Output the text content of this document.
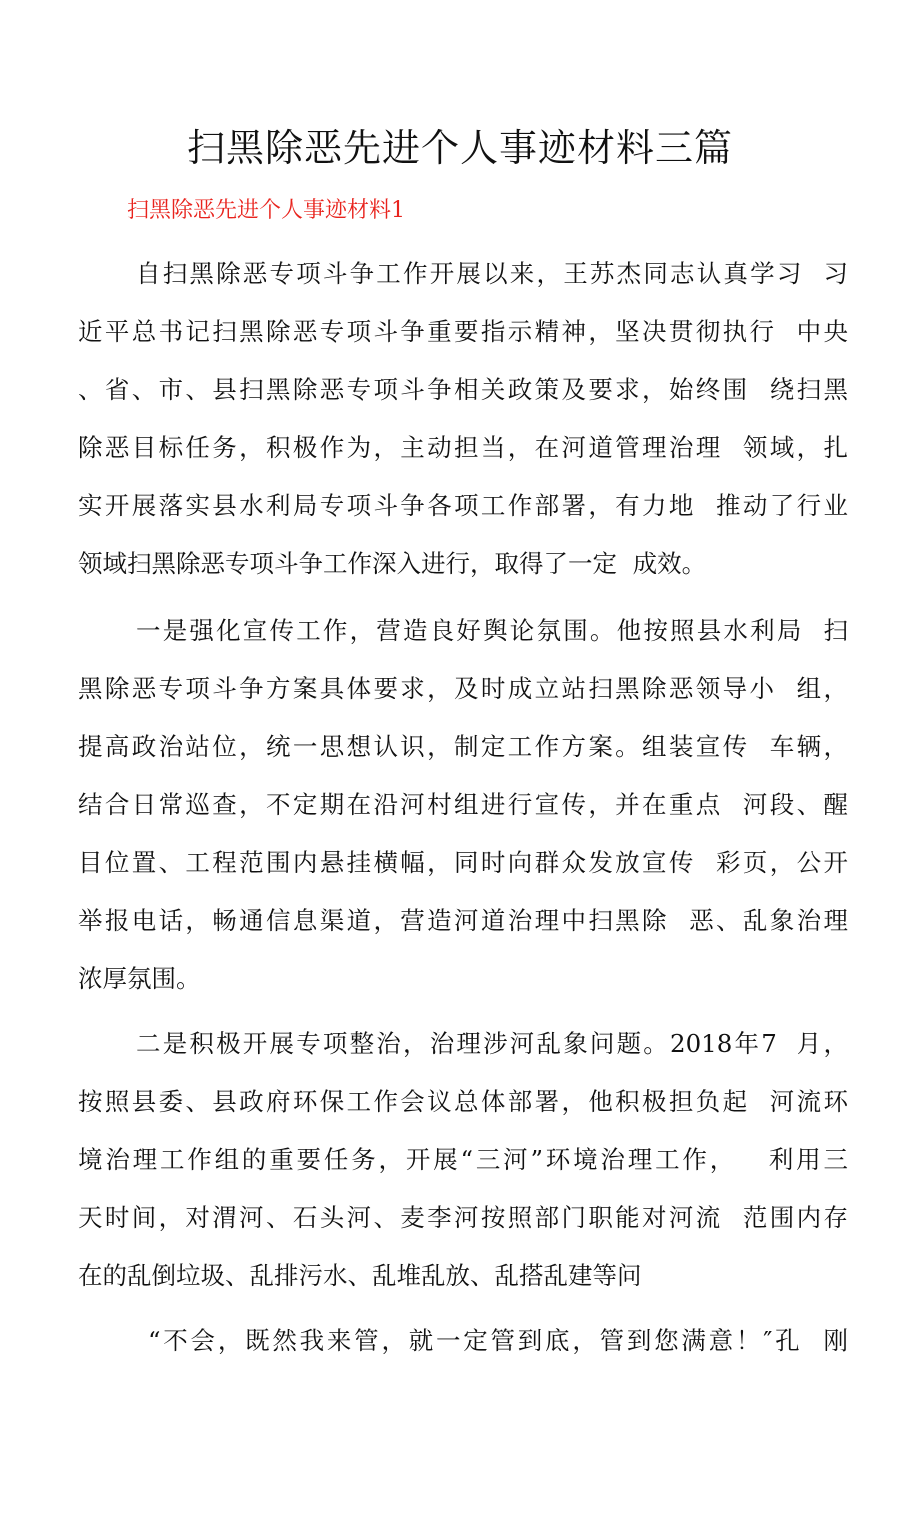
扫黑除恶先进个人事迹材料三篇

扫黑除恶先进个人事迹材料1

自扫黑除恶专项斗争工作开展以来，王苏杰同志认真学习  习
近平总书记扫黑除恶专项斗争重要指示精神，坚决贯彻执行  中央
、省、市、县扫黑除恶专项斗争相关政策及要求，始终围  绕扫黑
除恶目标任务，积极作为，主动担当，在河道管理治理  领域，扎
实开展落实县水利局专项斗争各项工作部署，有力地  推动了行业
领域扫黑除恶专项斗争工作深入进行，取得了一定  成效。
一是强化宣传工作，营造良好舆论氛围。他按照县水利局  扫
黑除恶专项斗争方案具体要求，及时成立站扫黑除恶领导小  组，
提高政治站位，统一思想认识，制定工作方案。组装宣传  车辆，
结合日常巡查，不定期在沿河村组进行宣传，并在重点  河段、醒
目位置、工程范围内悬挂横幅，同时向群众发放宣传  彩页，公开
举报电话，畅通信息渠道，营造河道治理中扫黑除  恶、乱象治理
浓厚氛围。
二是积极开展专项整治，治理涉河乱象问题。2018年7  月，
按照县委、县政府环保工作会议总体部署，他积极担负起  河流环
境治理工作组的重要任务，开展“三河”环境治理工作，   利用三
天时间，对渭河、石头河、麦李河按照部门职能对河流  范围内存
在的乱倒垃圾、乱排污水、乱堆乱放、乱搭乱建等问
“不会，既然我来管，就一定管到底，管到您满意！″孔  刚
